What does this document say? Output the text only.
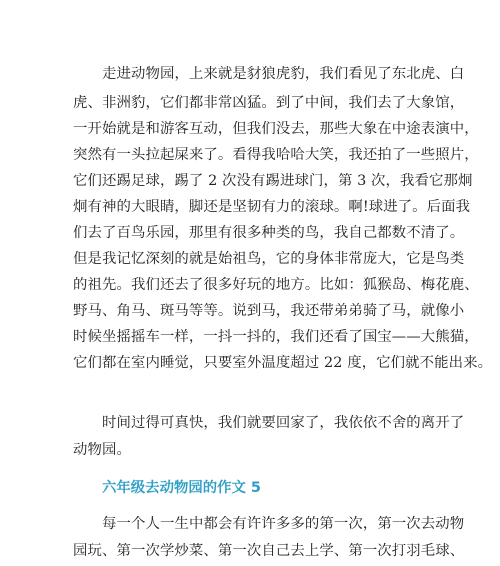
走进动物园，上来就是豺狼虎豹，我们看见了东北虎、白
虎、非洲豹，它们都非常凶猛。到了中间，我们去了大象馆，
一开始就是和游客互动，但我们没去，那些大象在中途表演中，
突然有一头拉起屎来了。看得我哈哈大笑，我还拍了一些照片，
它们还踢足球，踢了 2 次没有踢进球门，第 3 次，我看它那炯
炯有神的大眼睛，脚还是坚韧有力的滚球。啊!球进了。后面我
们去了百鸟乐园，那里有很多种类的鸟，我自己都数不清了。
但是我记忆深刻的就是始祖鸟，它的身体非常庞大，它是鸟类
的祖先。我们还去了很多好玩的地方。比如：狐猴岛、梅花鹿、
野马、角马、斑马等等。说到马，我还带弟弟骑了马，就像小
时候坐摇摇车一样，一抖一抖的，我们还看了国宝——大熊猫，
它们都在室内睡觉，只要室外温度超过 22 度，它们就不能出来。
时间过得可真快，我们就要回家了，我依依不舍的离开了
动物园。
六年级去动物园的作文 5
每一个人一生中都会有许许多多的第一次，第一次去动物
园玩、第一次学炒菜、第一次自己去上学、第一次打羽毛球、
